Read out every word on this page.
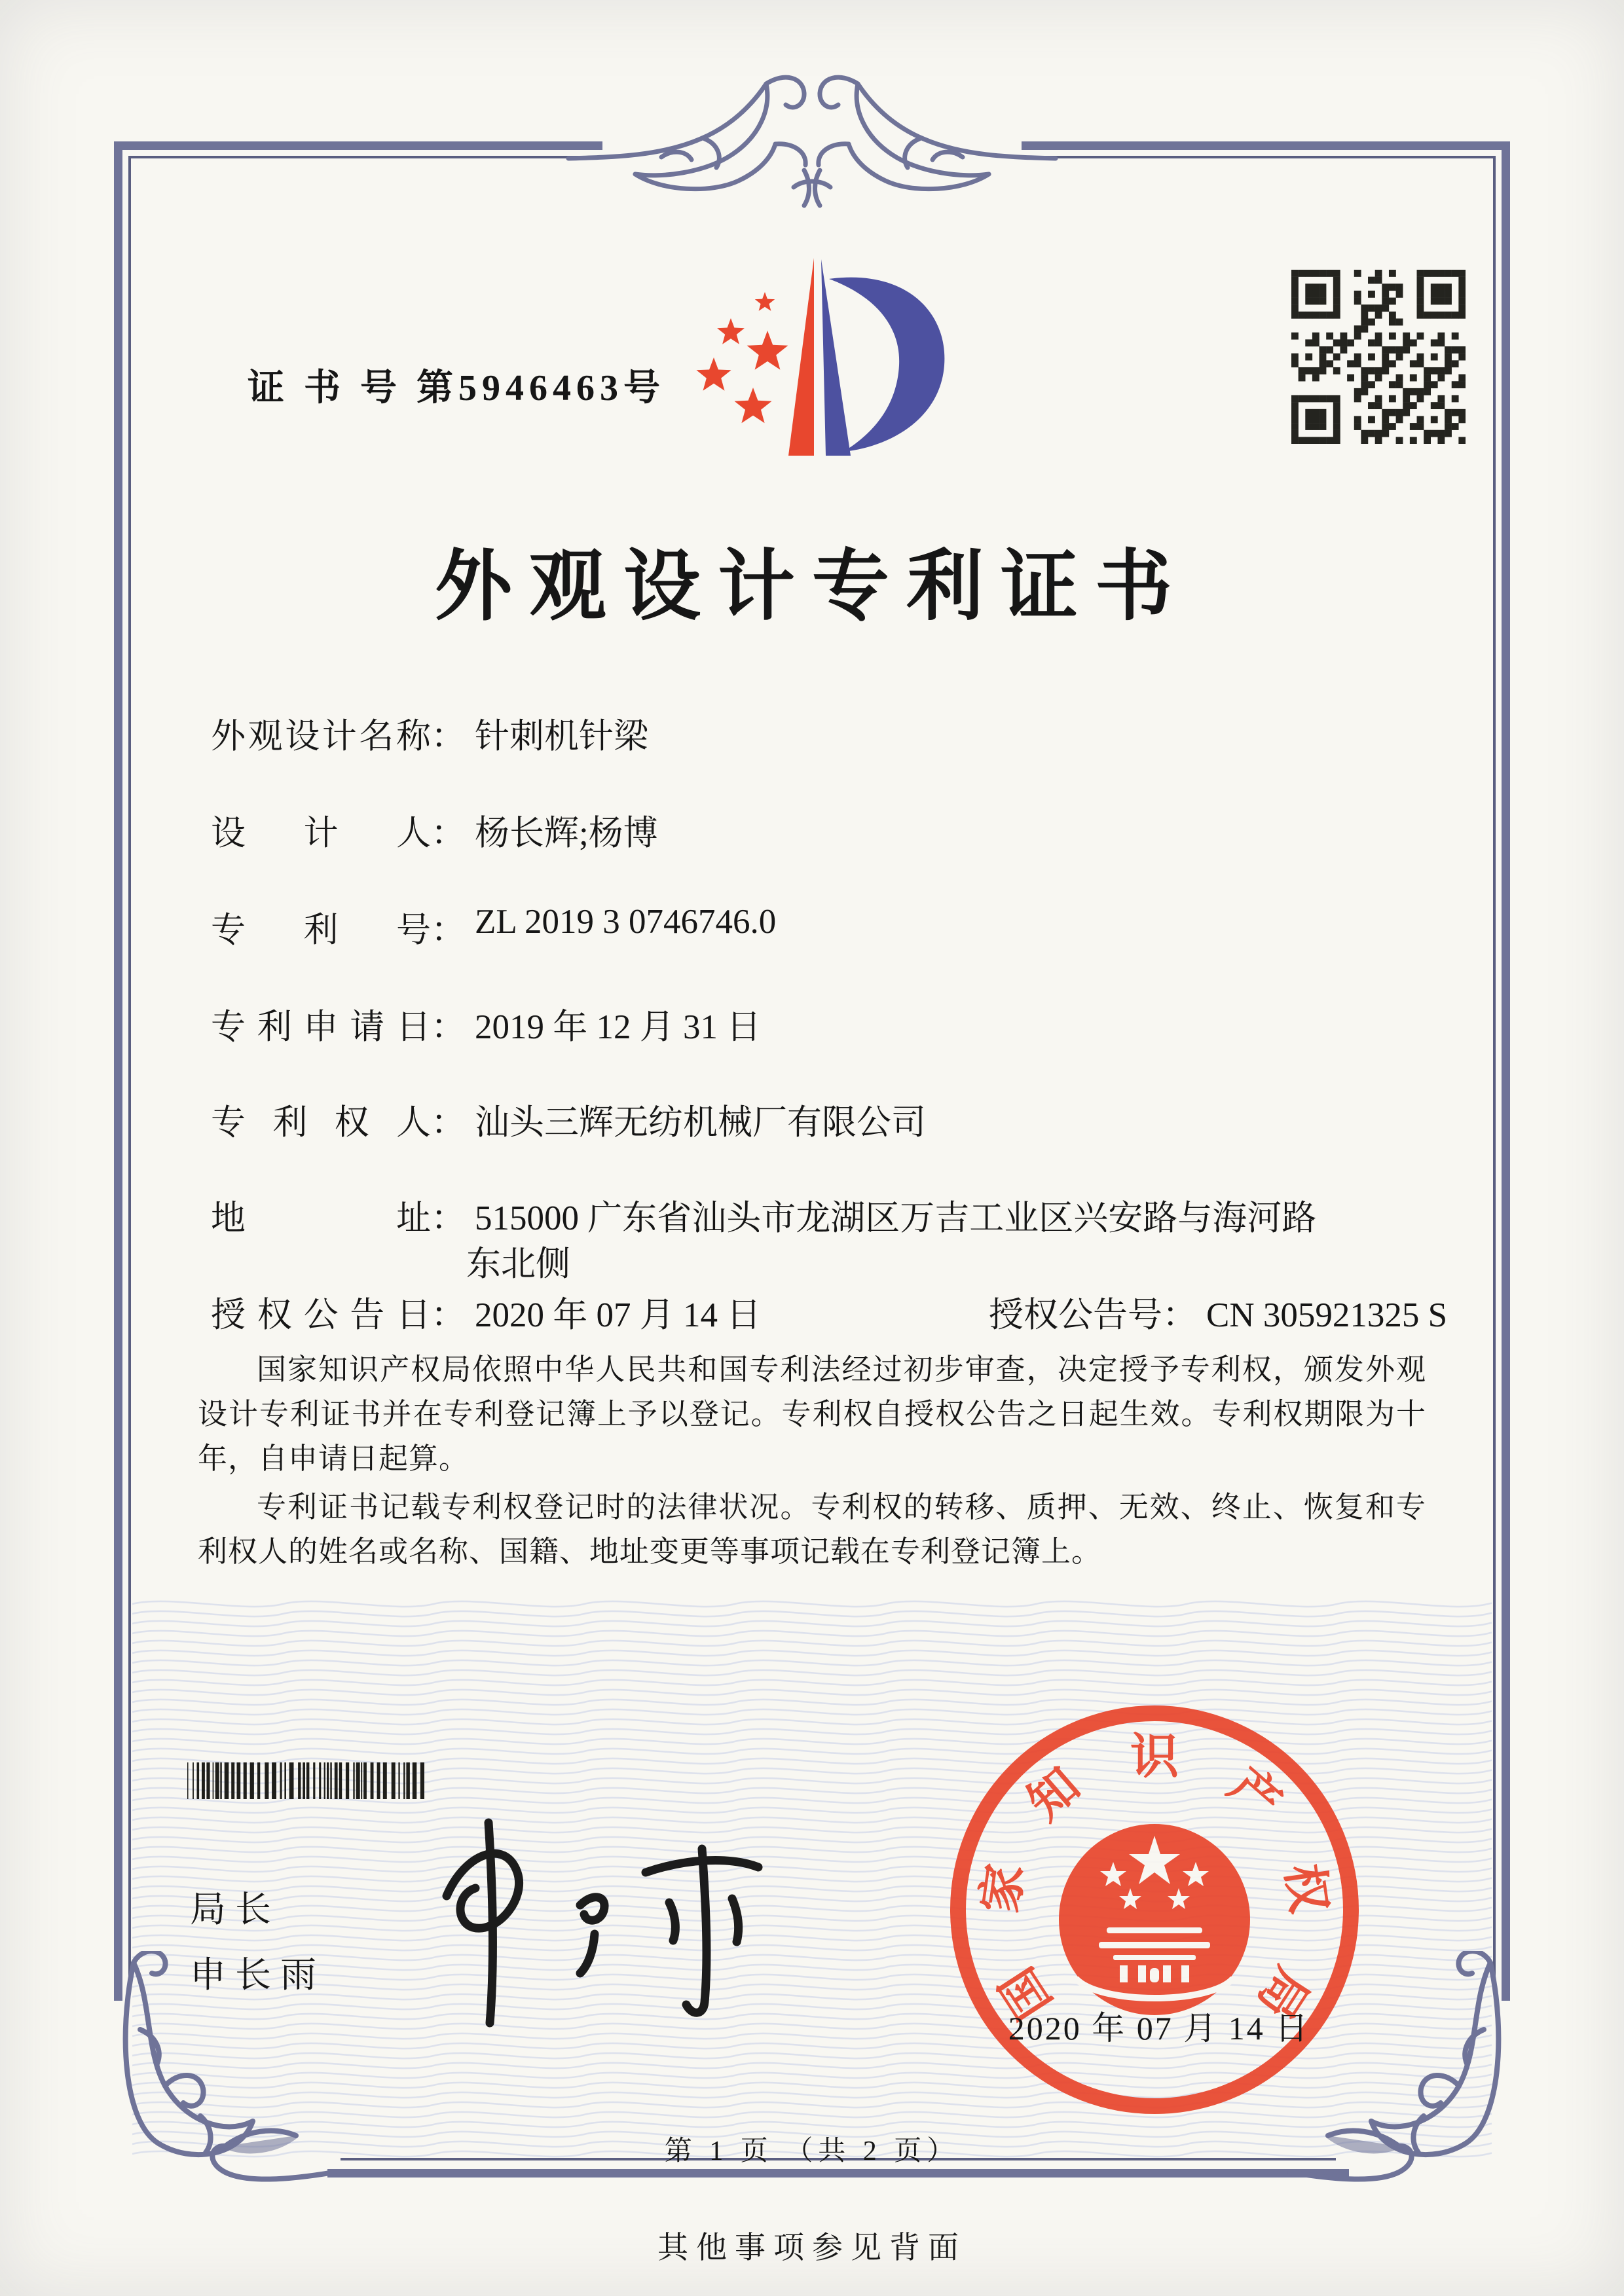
证 书 号 第5946463号
外观设计专利证书
外观设计名称： 针刺机针梁
设计人： 杨长辉;杨博
专利号： ZL 2019 3 0746746.0
专利申请日： 2019 年 12 月 31 日
专利权人： 汕头三辉无纺机械厂有限公司
地址： 515000 广东省汕头市龙湖区万吉工业区兴安路与海河路
东北侧
授权公告日： 2020 年 07 月 14 日	授权公告号： CN 305921325 S

国家知识产权局依照中华人民共和国专利法经过初步审查，决定授予专利权，颁发外观设计专利证书并在专利登记簿上予以登记。专利权自授权公告之日起生效。专利权期限为十年，自申请日起算。

专利证书记载专利权登记时的法律状况。专利权的转移、质押、无效、终止、恢复和专利权人的姓名或名称、国籍、地址变更等事项记载在专利登记簿上。

局长
申长雨	国
家
知
识
产
权
局
2020 年 07 月 14 日
第 1 页 （共 2 页）
其他事项参见背面
